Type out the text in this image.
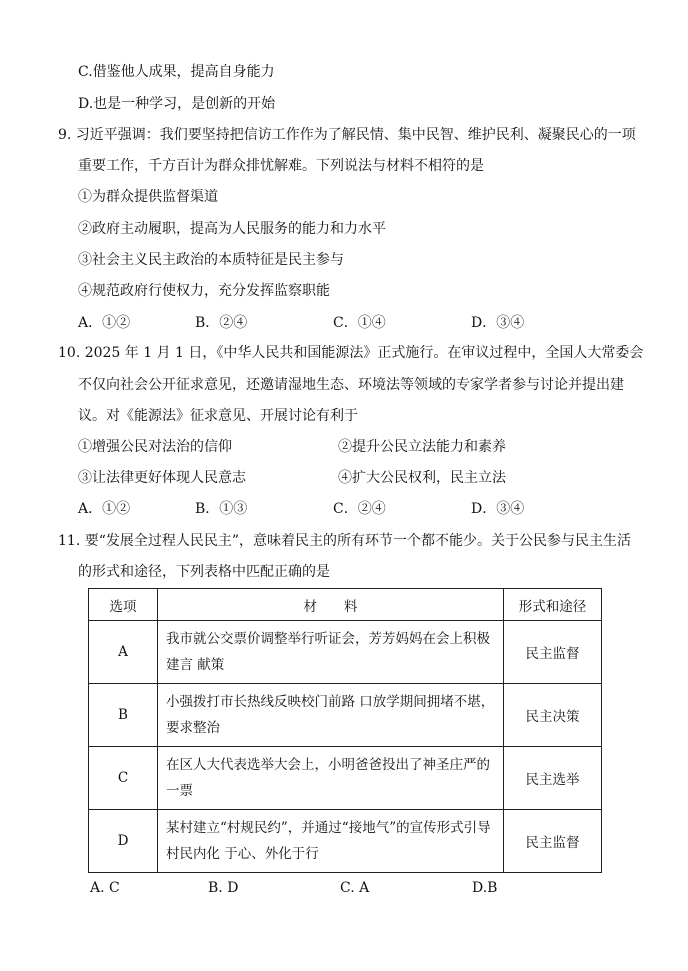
C.借鉴他人成果，提高自身能力
D.也是一种学习，是创新的开始
9. 习近平强调：我们要坚持把信访工作作为了解民情、集中民智、维护民利、凝聚民心的一项
重要工作，千方百计为群众排忧解难。下列说法与材料不相符的是
①为群众提供监督渠道
②政府主动履职，提高为人民服务的能力和力水平
③社会主义民主政治的本质特征是民主参与
④规范政府行使权力，充分发挥监察职能
A．①②	B．②④	C．①④	D．③④
10. 2025 年 1 月 1 日，《中华人民共和国能源法》正式施行。在审议过程中，全国人大常委会
不仅向社会公开征求意见，还邀请湿地生态、环境法等领域的专家学者参与讨论并提出建
议。对《能源法》征求意见、开展讨论有利于
①增强公民对法治的信仰	②提升公民立法能力和素养
③让法律更好体现人民意志	④扩大公民权利，民主立法
A．①②	B．①③	C．②④	D．③④
11. 要“发展全过程人民民主”，意味着民主的所有环节一个都不能少。关于公民参与民主生活
的形式和途径，下列表格中匹配正确的是
选项	材　　料	形式和途径
A	我市就公交票价调整举行听证会，芳芳妈妈在会上积极建言 献策	民主监督
B	小强拨打市长热线反映校门前路 口放学期间拥堵不堪，要求整治	民主决策
C	在区人大代表选举大会上，小明爸爸投出了神圣庄严的一票	民主选举
D	某村建立“村规民约”，并通过“接地气”的宣传形式引导村民内化 于心、外化于行	民主监督
A. C	B. D	C. A	D.B
